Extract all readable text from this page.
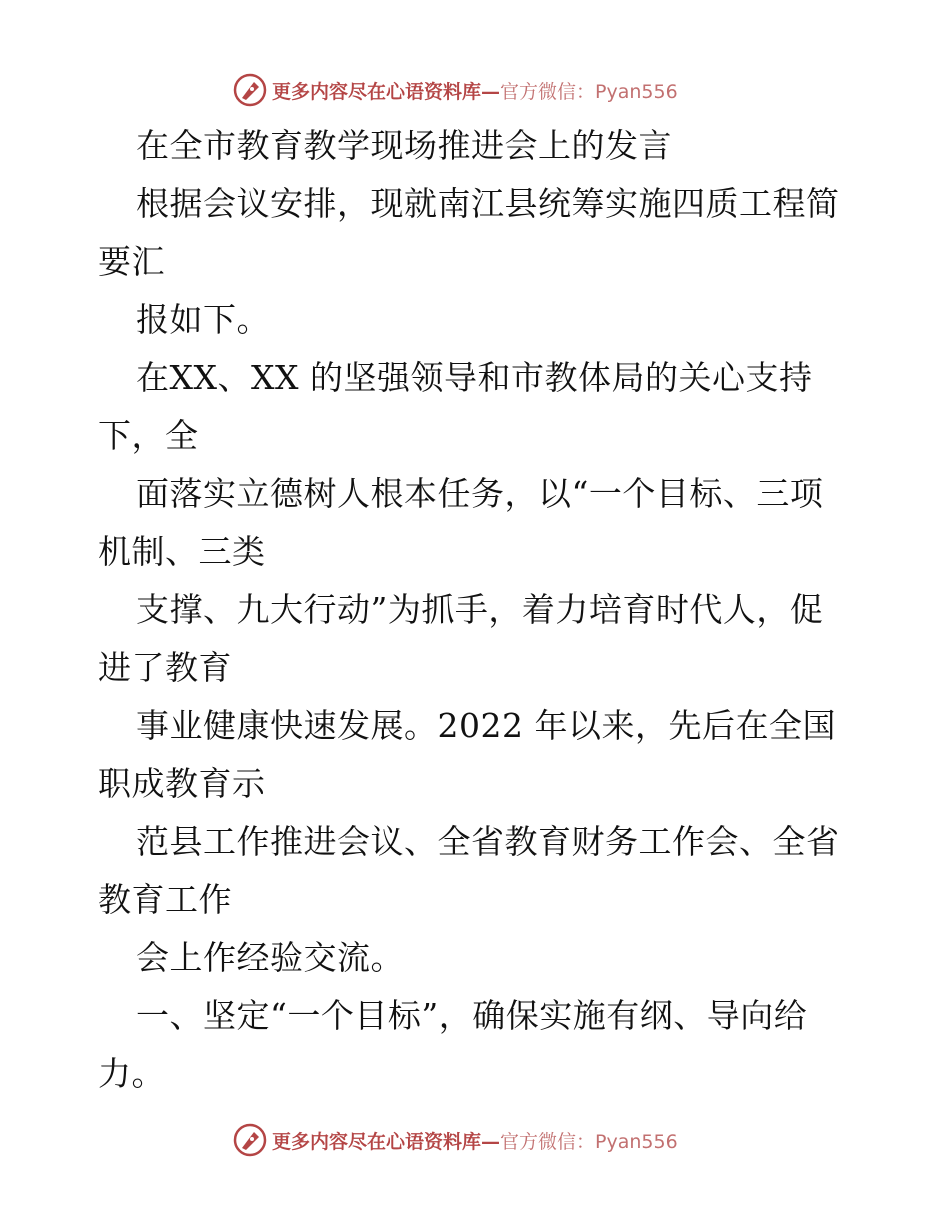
更多内容尽在心语资料库— 官方微信：Pyan556
在全市教育教学现场推进会上的发言
根据会议安排，现就南江县统筹实施四质工程简
要汇
报如下。
在XX、XX 的坚强领导和市教体局的关心支持
下，全
面落实立德树人根本任务，以“一个目标、三项
机制、三类
支撑、九大行动”为抓手，着力培育时代人，促
进了教育
事业健康快速发展。2022 年以来，先后在全国
职成教育示
范县工作推进会议、全省教育财务工作会、全省
教育工作
会上作经验交流。
一、坚定“一个目标”，确保实施有纲、导向给
力。
更多内容尽在心语资料库— 官方微信：Pyan556
